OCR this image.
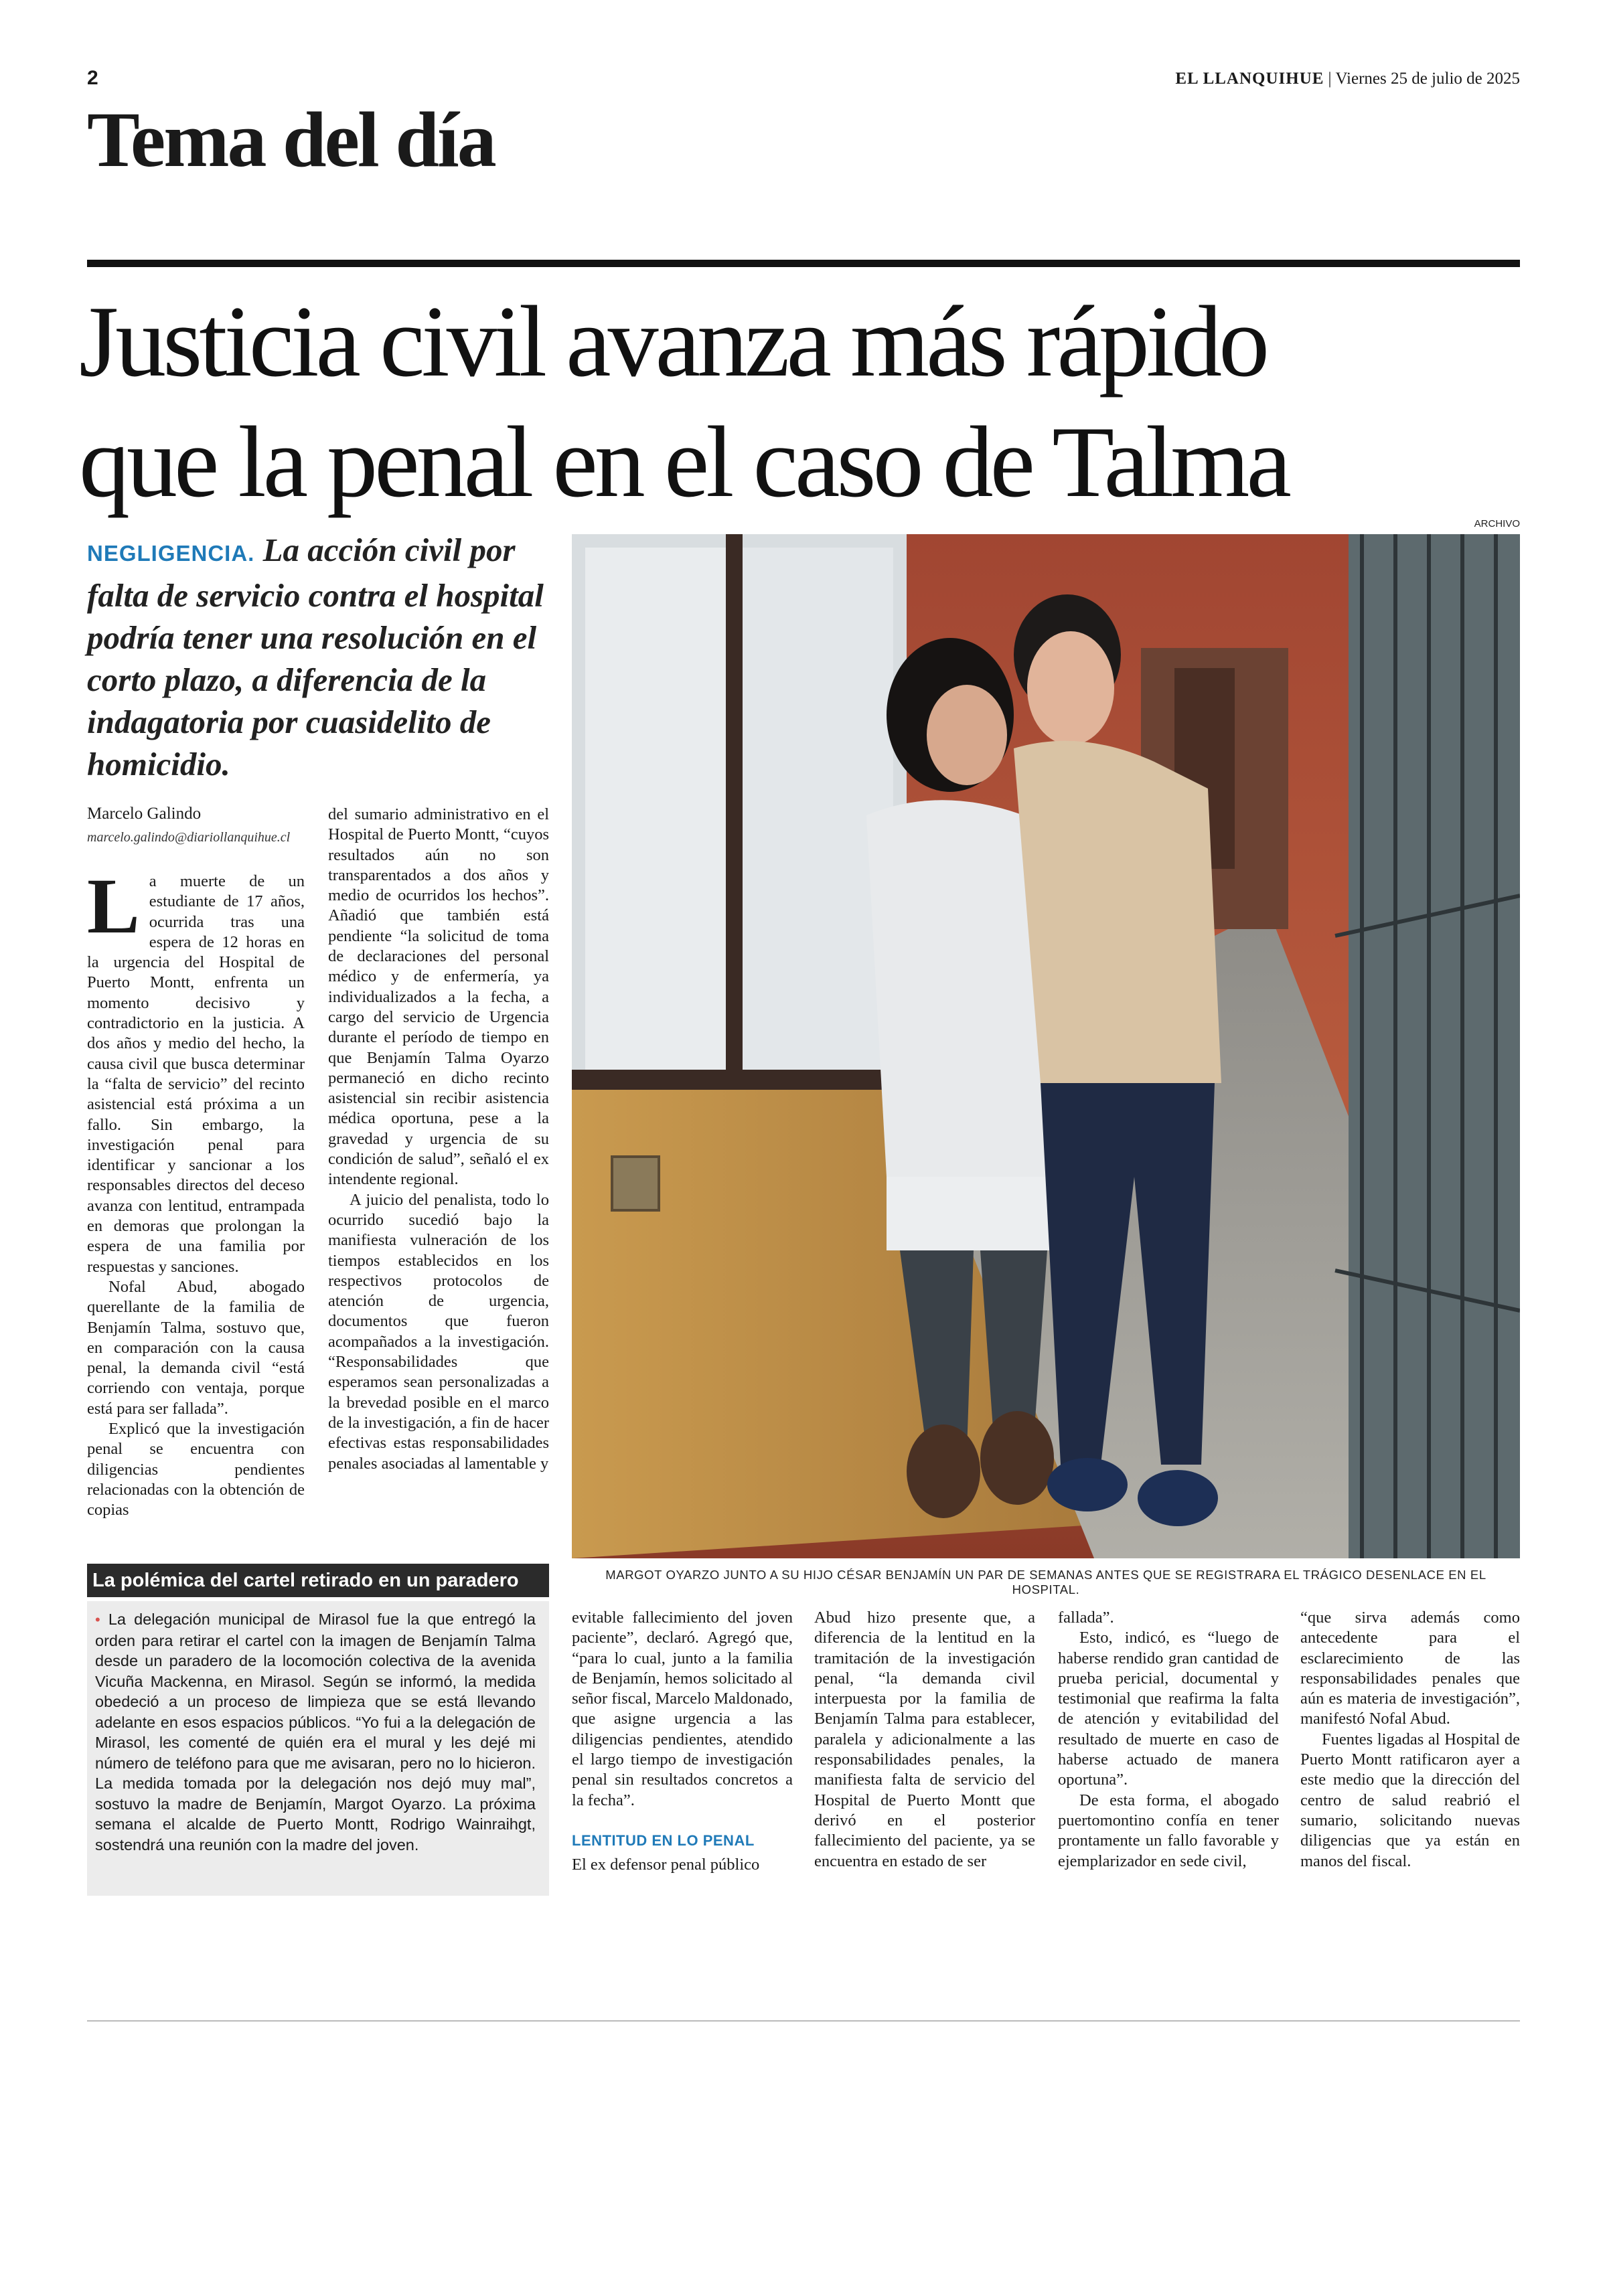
2	EL LLANQUIHUE | Viernes 25 de julio de 2025
Tema del día
Justicia civil avanza más rápido
que la penal en el caso de Talma
NEGLIGENCIA. La acción civil por falta de servicio contra el hospital podría tener una resolución en el corto plazo, a diferencia de la indagatoria por cuasidelito de homicidio.
Marcelo Galindo
marcelo.galindo@diariollanquihue.cl

La muerte de un estudiante de 17 años, ocurrida tras una espera de 12 horas en la urgencia del Hospital de Puerto Montt, enfrenta un momento decisivo y contradictorio en la justicia. A dos años y medio del hecho, la causa civil que busca determinar la “falta de servicio” del recinto asistencial está próxima a un fallo. Sin embargo, la investigación penal para identificar y sancionar a los responsables directos del deceso avanza con lentitud, entrampada en demoras que prolongan la espera de una familia por respuestas y sanciones.

Nofal Abud, abogado querellante de la familia de Benjamín Talma, sostuvo que, en comparación con la causa penal, la demanda civil “está corriendo con ventaja, porque está para ser fallada”.

Explicó que la investigación penal se encuentra con diligencias pendientes relacionadas con la obtención de copias

del sumario administrativo en el Hospital de Puerto Montt, “cuyos resultados aún no son transparentados a dos años y medio de ocurridos los hechos”. Añadió que también está pendiente “la solicitud de toma de declaraciones del personal médico y de enfermería, ya individualizados a la fecha, a cargo del servicio de Urgencia durante el período de tiempo en que Benjamín Talma Oyarzo permaneció en dicho recinto asistencial sin recibir asistencia médica oportuna, pese a la gravedad y urgencia de su condición de salud”, señaló el ex intendente regional.

A juicio del penalista, todo lo ocurrido sucedió bajo la manifiesta vulneración de los tiempos establecidos en los respectivos protocolos de atención de urgencia, documentos que fueron acompañados a la investigación. “Responsabilidades que esperamos sean personalizadas a la brevedad posible en el marco de la investigación, a fin de hacer efectivas estas responsabilidades penales asociadas al lamentable y

ARCHIVO
MARGOT OYARZO JUNTO A SU HIJO CÉSAR BENJAMÍN UN PAR DE SEMANAS ANTES QUE SE REGISTRARA EL TRÁGICO DESENLACE EN EL HOSPITAL.
La polémica del cartel retirado en un paradero
• La delegación municipal de Mirasol fue la que entregó la orden para retirar el cartel con la imagen de Benjamín Talma desde un paradero de la locomoción colectiva de la avenida Vicuña Mackenna, en Mirasol. Según se informó, la medida obedeció a un proceso de limpieza que se está llevando adelante en esos espacios públicos. “Yo fui a la delegación de Mirasol, les comenté de quién era el mural y les dejé mi número de teléfono para que me avisaran, pero no lo hicieron. La medida tomada por la delegación nos dejó muy mal”, sostuvo la madre de Benjamín, Margot Oyarzo. La próxima semana el alcalde de Puerto Montt, Rodrigo Wainraihgt, sostendrá una reunión con la madre del joven.

evitable fallecimiento del joven paciente”, declaró. Agregó que, “para lo cual, junto a la familia de Benjamín, hemos solicitado al señor fiscal, Marcelo Maldonado, que asigne urgencia a las diligencias pendientes, atendido el largo tiempo de investigación penal sin resultados concretos a la fecha”.

LENTITUD EN LO PENAL

El ex defensor penal público

Abud hizo presente que, a diferencia de la lentitud en la tramitación de la investigación penal, “la demanda civil interpuesta por la familia de Benjamín Talma para establecer, paralela y adicionalmente a las responsabilidades penales, la manifiesta falta de servicio del Hospital de Puerto Montt que derivó en el posterior fallecimiento del paciente, ya se encuentra en estado de ser

fallada”.

Esto, indicó, es “luego de haberse rendido gran cantidad de prueba pericial, documental y testimonial que reafirma la falta de atención y evitabilidad del resultado de muerte en caso de haberse actuado de manera oportuna”.

De esta forma, el abogado puertomontino confía en tener prontamente un fallo favorable y ejemplarizador en sede civil,

“que sirva además como antecedente para el esclarecimiento de las responsabilidades penales que aún es materia de investigación”, manifestó Nofal Abud.

Fuentes ligadas al Hospital de Puerto Montt ratificaron ayer a este medio que la dirección del centro de salud reabrió el sumario, solicitando nuevas diligencias que ya están en manos del fiscal.
